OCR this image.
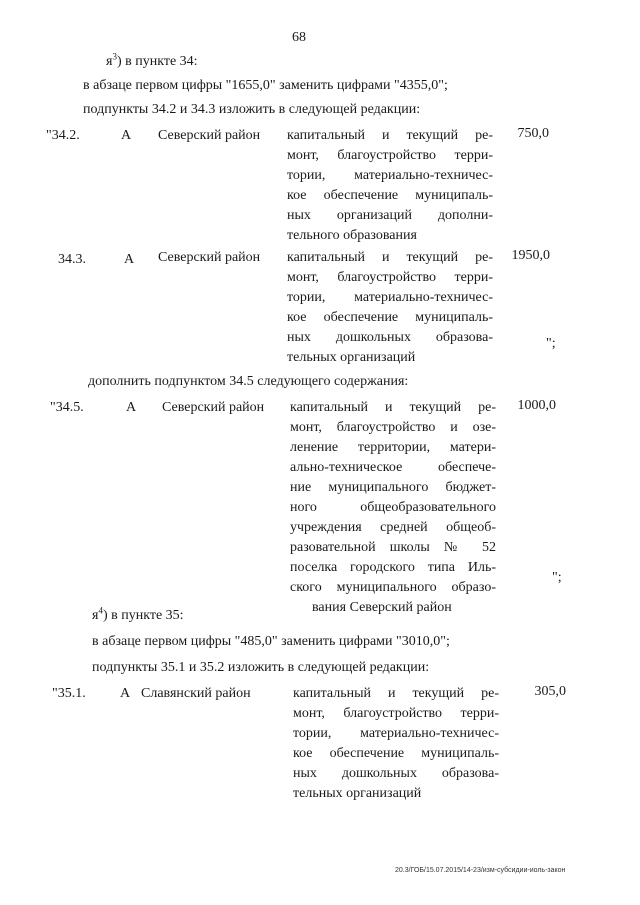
68
$я^3$) в пункте 34:
в абзаце первом цифры "1655,0" заменить цифрами "4355,0";
подпункты 34.2 и 34.3 изложить в следующей редакции:
"34.2.	А Северский район капитальный и текущий ре-
монт, благоустройство терри-
тории, материально-техничес-
кое обеспечение муниципаль-
ных организаций дополни-
тельного образования
750,0
34.3.	А Северский район капитальный и текущий ре-
монт, благоустройство терри-
тории, материально-техничес-
кое обеспечение муниципаль-
ных дошкольных образова-
тельных организаций
1950,0
";
дополнить подпунктом 34.5 следующего содержания:
"34.5.	А Северский район капитальный и текущий ре-
монт, благоустройство и озе-
ленение территории, матери-
ально-техническое обеспече-
ние муниципального бюджет-
ного общеобразовательного
учреждения средней общеоб-
разовательной школы № 52
поселка городского типа Иль-
ского муниципального образо-
вания Северский район
1000,0
";
$я^4$) в пункте 35:
в абзаце первом цифры "485,0" заменить цифрами "3010,0";
подпункты 35.1 и 35.2 изложить в следующей редакции:
"35.1. А Славянский район	капитальный и текущий ре-
монт, благоустройство терри-
тории, материально-техничес-
кое обеспечение муниципаль-
ных дошкольных образова-
тельных организаций
305,0
20.3/ГОБ/15.07.2015/14-23/изм-субсидии-иоль-закон
